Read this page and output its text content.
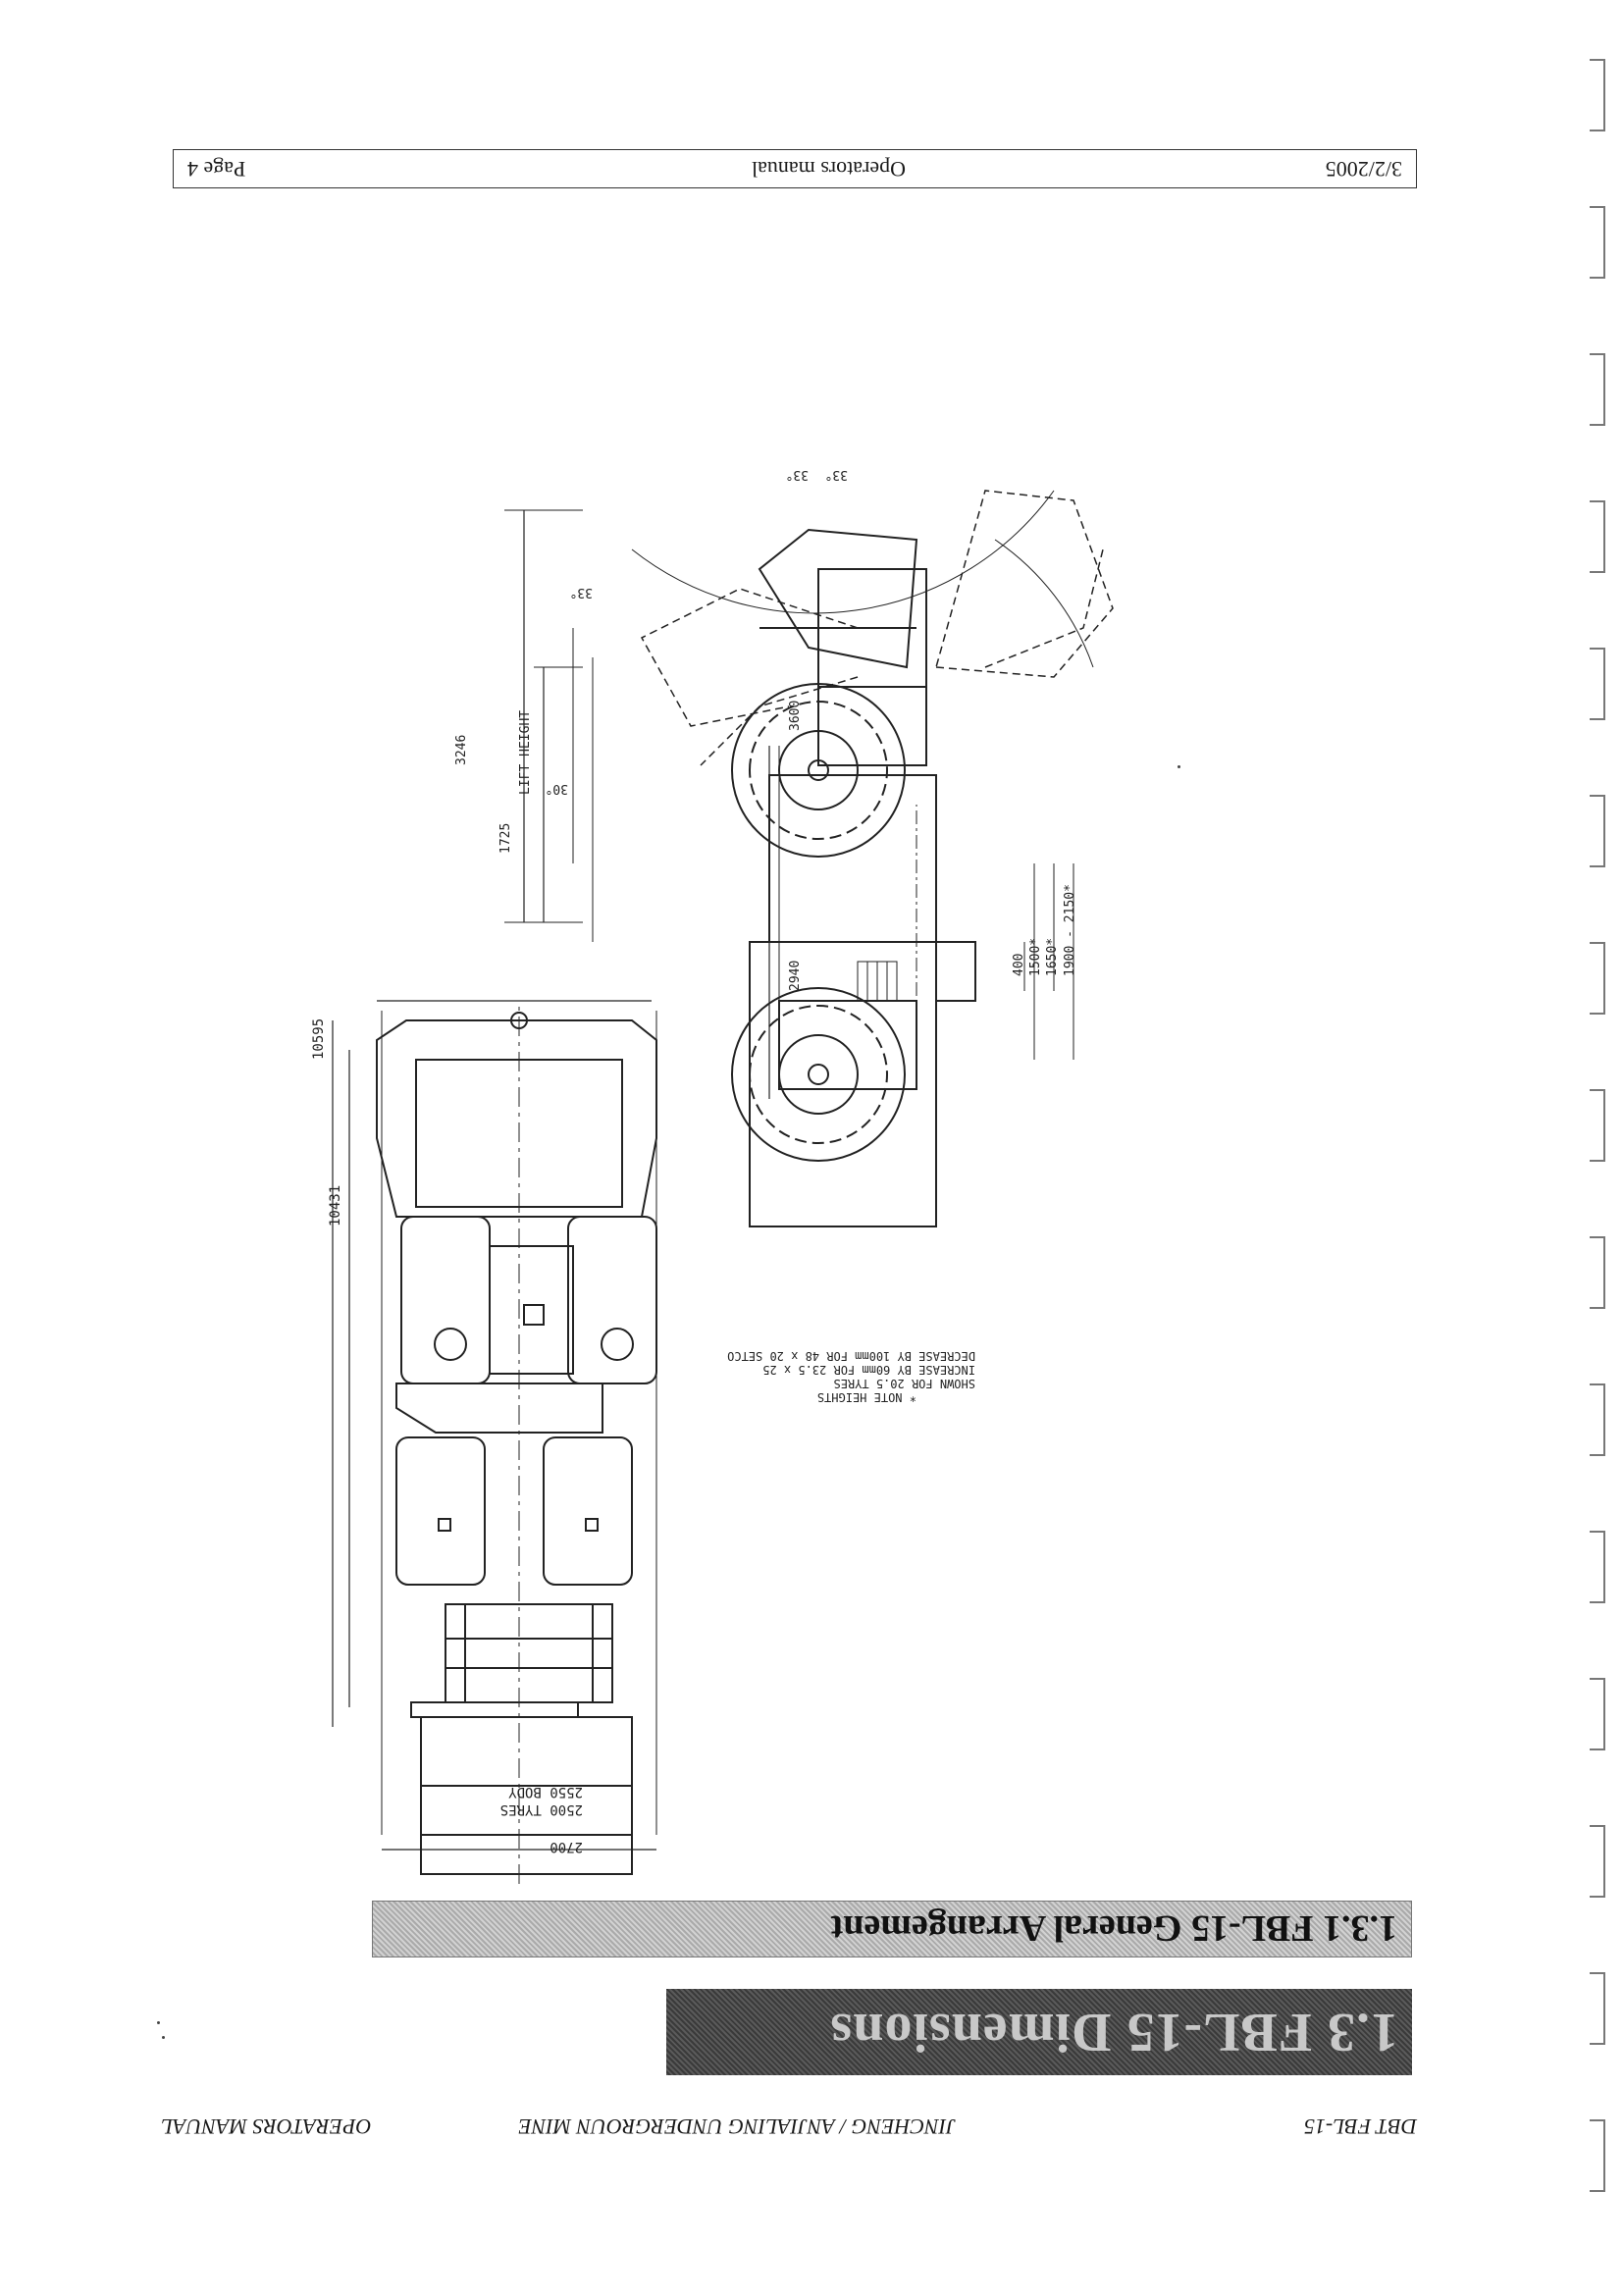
DBT FBL-15
JINCHENG / ANJIALING UNDERGROUN MINE
OPERATORS MANUAL
1.3 FBL-15 Dimensions
1.3.1 FBL-15 General Arrangement
2700
2500 TYRES
2550 BODY
10595
10431
3600
2940
3246
1725
LIFT HEIGHT 30°
33°
33° 33°
400 1500* 1650* 1900 - 2150*
* NOTE HEIGHTS
SHOWN FOR 20.5 TYRES
INCREASE BY 60mm FOR 23.5 x 25
DECREASE BY 100mm FOR 48 x 20 SETCO
3/2/2005
Operators manual
Page 4
